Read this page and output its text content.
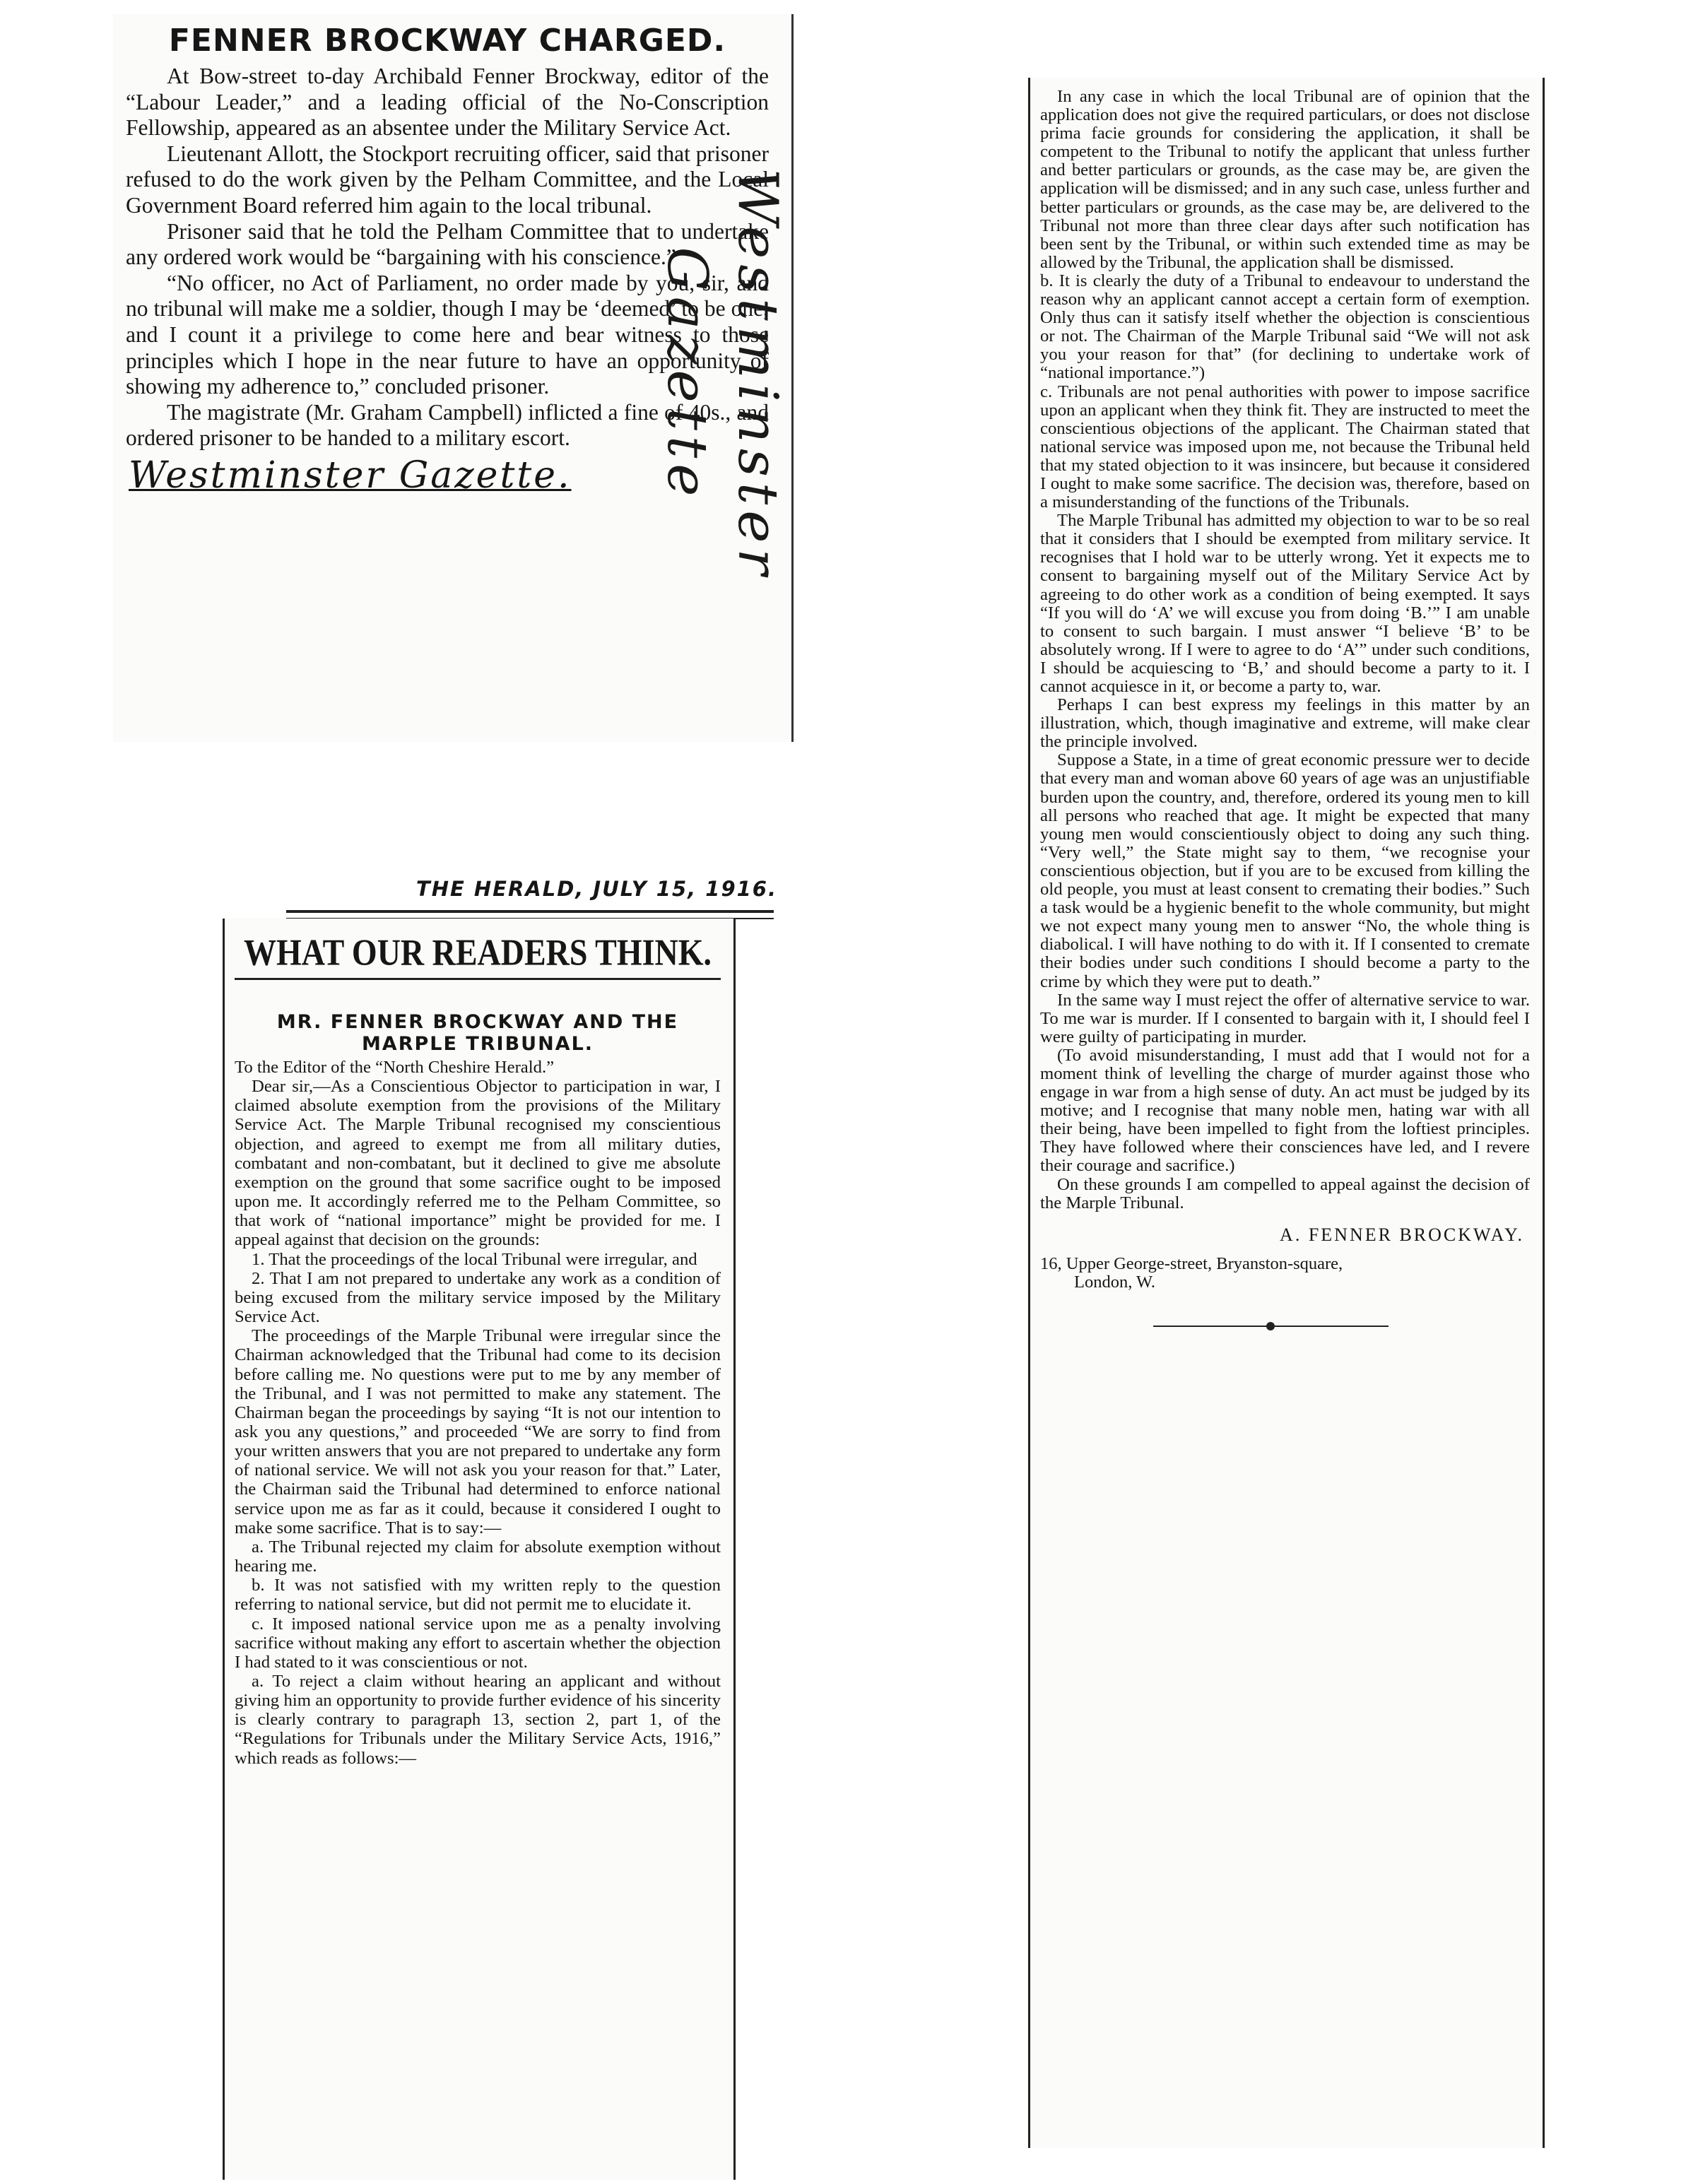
FENNER BROCKWAY CHARGED.

At Bow-street to-day Archibald Fenner Brockway, editor of the “Labour Leader,” and a leading official of the No-Conscription Fellowship, appeared as an absentee under the Military Service Act.

Lieutenant Allott, the Stockport recruiting officer, said that prisoner refused to do the work given by the Pelham Committee, and the Local Government Board referred him again to the local tribunal.

Prisoner said that he told the Pelham Committee that to undertake any ordered work would be “bargaining with his conscience.”

“No officer, no Act of Parliament, no order made by you, sir, and no tribunal will make me a soldier, though I may be ‘deemed’ to be one, and I count it a privilege to come here and bear witness to those principles which I hope in the near future to have an opportunity of showing my adherence to,” concluded prisoner.

The magistrate (Mr. Graham Campbell) inflicted a fine of 40s., and ordered prisoner to be handed to a military escort.

Westminster Gazette.	Westminster Gazette
THE HERALD, JULY 15, 1916.
WHAT OUR READERS THINK.
MR. FENNER BROCKWAY AND THE MARPLE TRIBUNAL.

To the Editor of the “North Cheshire Herald.”

Dear sir,—As a Conscientious Objector to participation in war, I claimed absolute exemption from the provisions of the Military Service Act. The Marple Tribunal recognised my conscientious objection, and agreed to exempt me from all military duties, combatant and non-combatant, but it declined to give me absolute exemption on the ground that some sacrifice ought to be imposed upon me. It accordingly referred me to the Pelham Committee, so that work of “national importance” might be provided for me. I appeal against that decision on the grounds:

1. That the proceedings of the local Tribunal were irregular, and

2. That I am not prepared to undertake any work as a condition of being excused from the military service imposed by the Military Service Act.

The proceedings of the Marple Tribunal were irregular since the Chairman acknowledged that the Tribunal had come to its decision before calling me. No questions were put to me by any member of the Tribunal, and I was not permitted to make any statement. The Chairman began the proceedings by saying “It is not our intention to ask you any questions,” and proceeded “We are sorry to find from your written answers that you are not prepared to undertake any form of national service. We will not ask you your reason for that.” Later, the Chairman said the Tribunal had determined to enforce national service upon me as far as it could, because it considered I ought to make some sacrifice. That is to say:—

a. The Tribunal rejected my claim for absolute exemption without hearing me.

b. It was not satisfied with my written reply to the question referring to national service, but did not permit me to elucidate it.

c. It imposed national service upon me as a penalty involving sacrifice without making any effort to ascertain whether the objection I had stated to it was conscientious or not.

a. To reject a claim without hearing an applicant and without giving him an opportunity to provide further evidence of his sincerity is clearly contrary to paragraph 13, section 2, part 1, of the “Regulations for Tribunals under the Military Service Acts, 1916,” which reads as follows:—

In any case in which the local Tribunal are of opinion that the application does not give the required particulars, or does not disclose prima facie grounds for considering the application, it shall be competent to the Tribunal to notify the applicant that unless further and better particulars or grounds, as the case may be, are given the application will be dismissed; and in any such case, unless further and better particulars or grounds, as the case may be, are delivered to the Tribunal not more than three clear days after such notification has been sent by the Tribunal, or within such extended time as may be allowed by the Tribunal, the application shall be dismissed.

b. It is clearly the duty of a Tribunal to endeavour to understand the reason why an applicant cannot accept a certain form of exemption. Only thus can it satisfy itself whether the objection is conscientious or not. The Chairman of the Marple Tribunal said “We will not ask you your reason for that” (for declining to undertake work of “national importance.”)

c. Tribunals are not penal authorities with power to impose sacrifice upon an applicant when they think fit. They are instructed to meet the conscientious objections of the applicant. The Chairman stated that national service was imposed upon me, not because the Tribunal held that my stated objection to it was insincere, but because it considered I ought to make some sacrifice. The decision was, therefore, based on a misunderstanding of the functions of the Tribunals.

The Marple Tribunal has admitted my objection to war to be so real that it considers that I should be exempted from military service. It recognises that I hold war to be utterly wrong. Yet it expects me to consent to bargaining myself out of the Military Service Act by agreeing to do other work as a condition of being exempted. It says “If you will do ‘A’ we will excuse you from doing ‘B.’” I am unable to consent to such bargain. I must answer “I believe ‘B’ to be absolutely wrong. If I were to agree to do ‘A’” under such conditions, I should be acquiescing to ‘B,’ and should become a party to it. I cannot acquiesce in it, or become a party to, war.

Perhaps I can best express my feelings in this matter by an illustration, which, though imaginative and extreme, will make clear the principle involved.

Suppose a State, in a time of great economic pressure wer to decide that every man and woman above 60 years of age was an unjustifiable burden upon the country, and, therefore, ordered its young men to kill all persons who reached that age. It might be expected that many young men would conscientiously object to doing any such thing. “Very well,” the State might say to them, “we recognise your conscientious objection, but if you are to be excused from killing the old people, you must at least consent to cremating their bodies.” Such a task would be a hygienic benefit to the whole community, but might we not expect many young men to answer “No, the whole thing is diabolical. I will have nothing to do with it. If I consented to cremate their bodies under such conditions I should become a party to the crime by which they were put to death.”

In the same way I must reject the offer of alternative service to war. To me war is murder. If I consented to bargain with it, I should feel I were guilty of participating in murder.

(To avoid misunderstanding, I must add that I would not for a moment think of levelling the charge of murder against those who engage in war from a high sense of duty. An act must be judged by its motive; and I recognise that many noble men, hating war with all their being, have been impelled to fight from the loftiest principles. They have followed where their consciences have led, and I revere their courage and sacrifice.)

On these grounds I am compelled to appeal against the decision of the Marple Tribunal.

A. FENNER BROCKWAY.

16, Upper George-street, Bryanston-square,
London, W.
